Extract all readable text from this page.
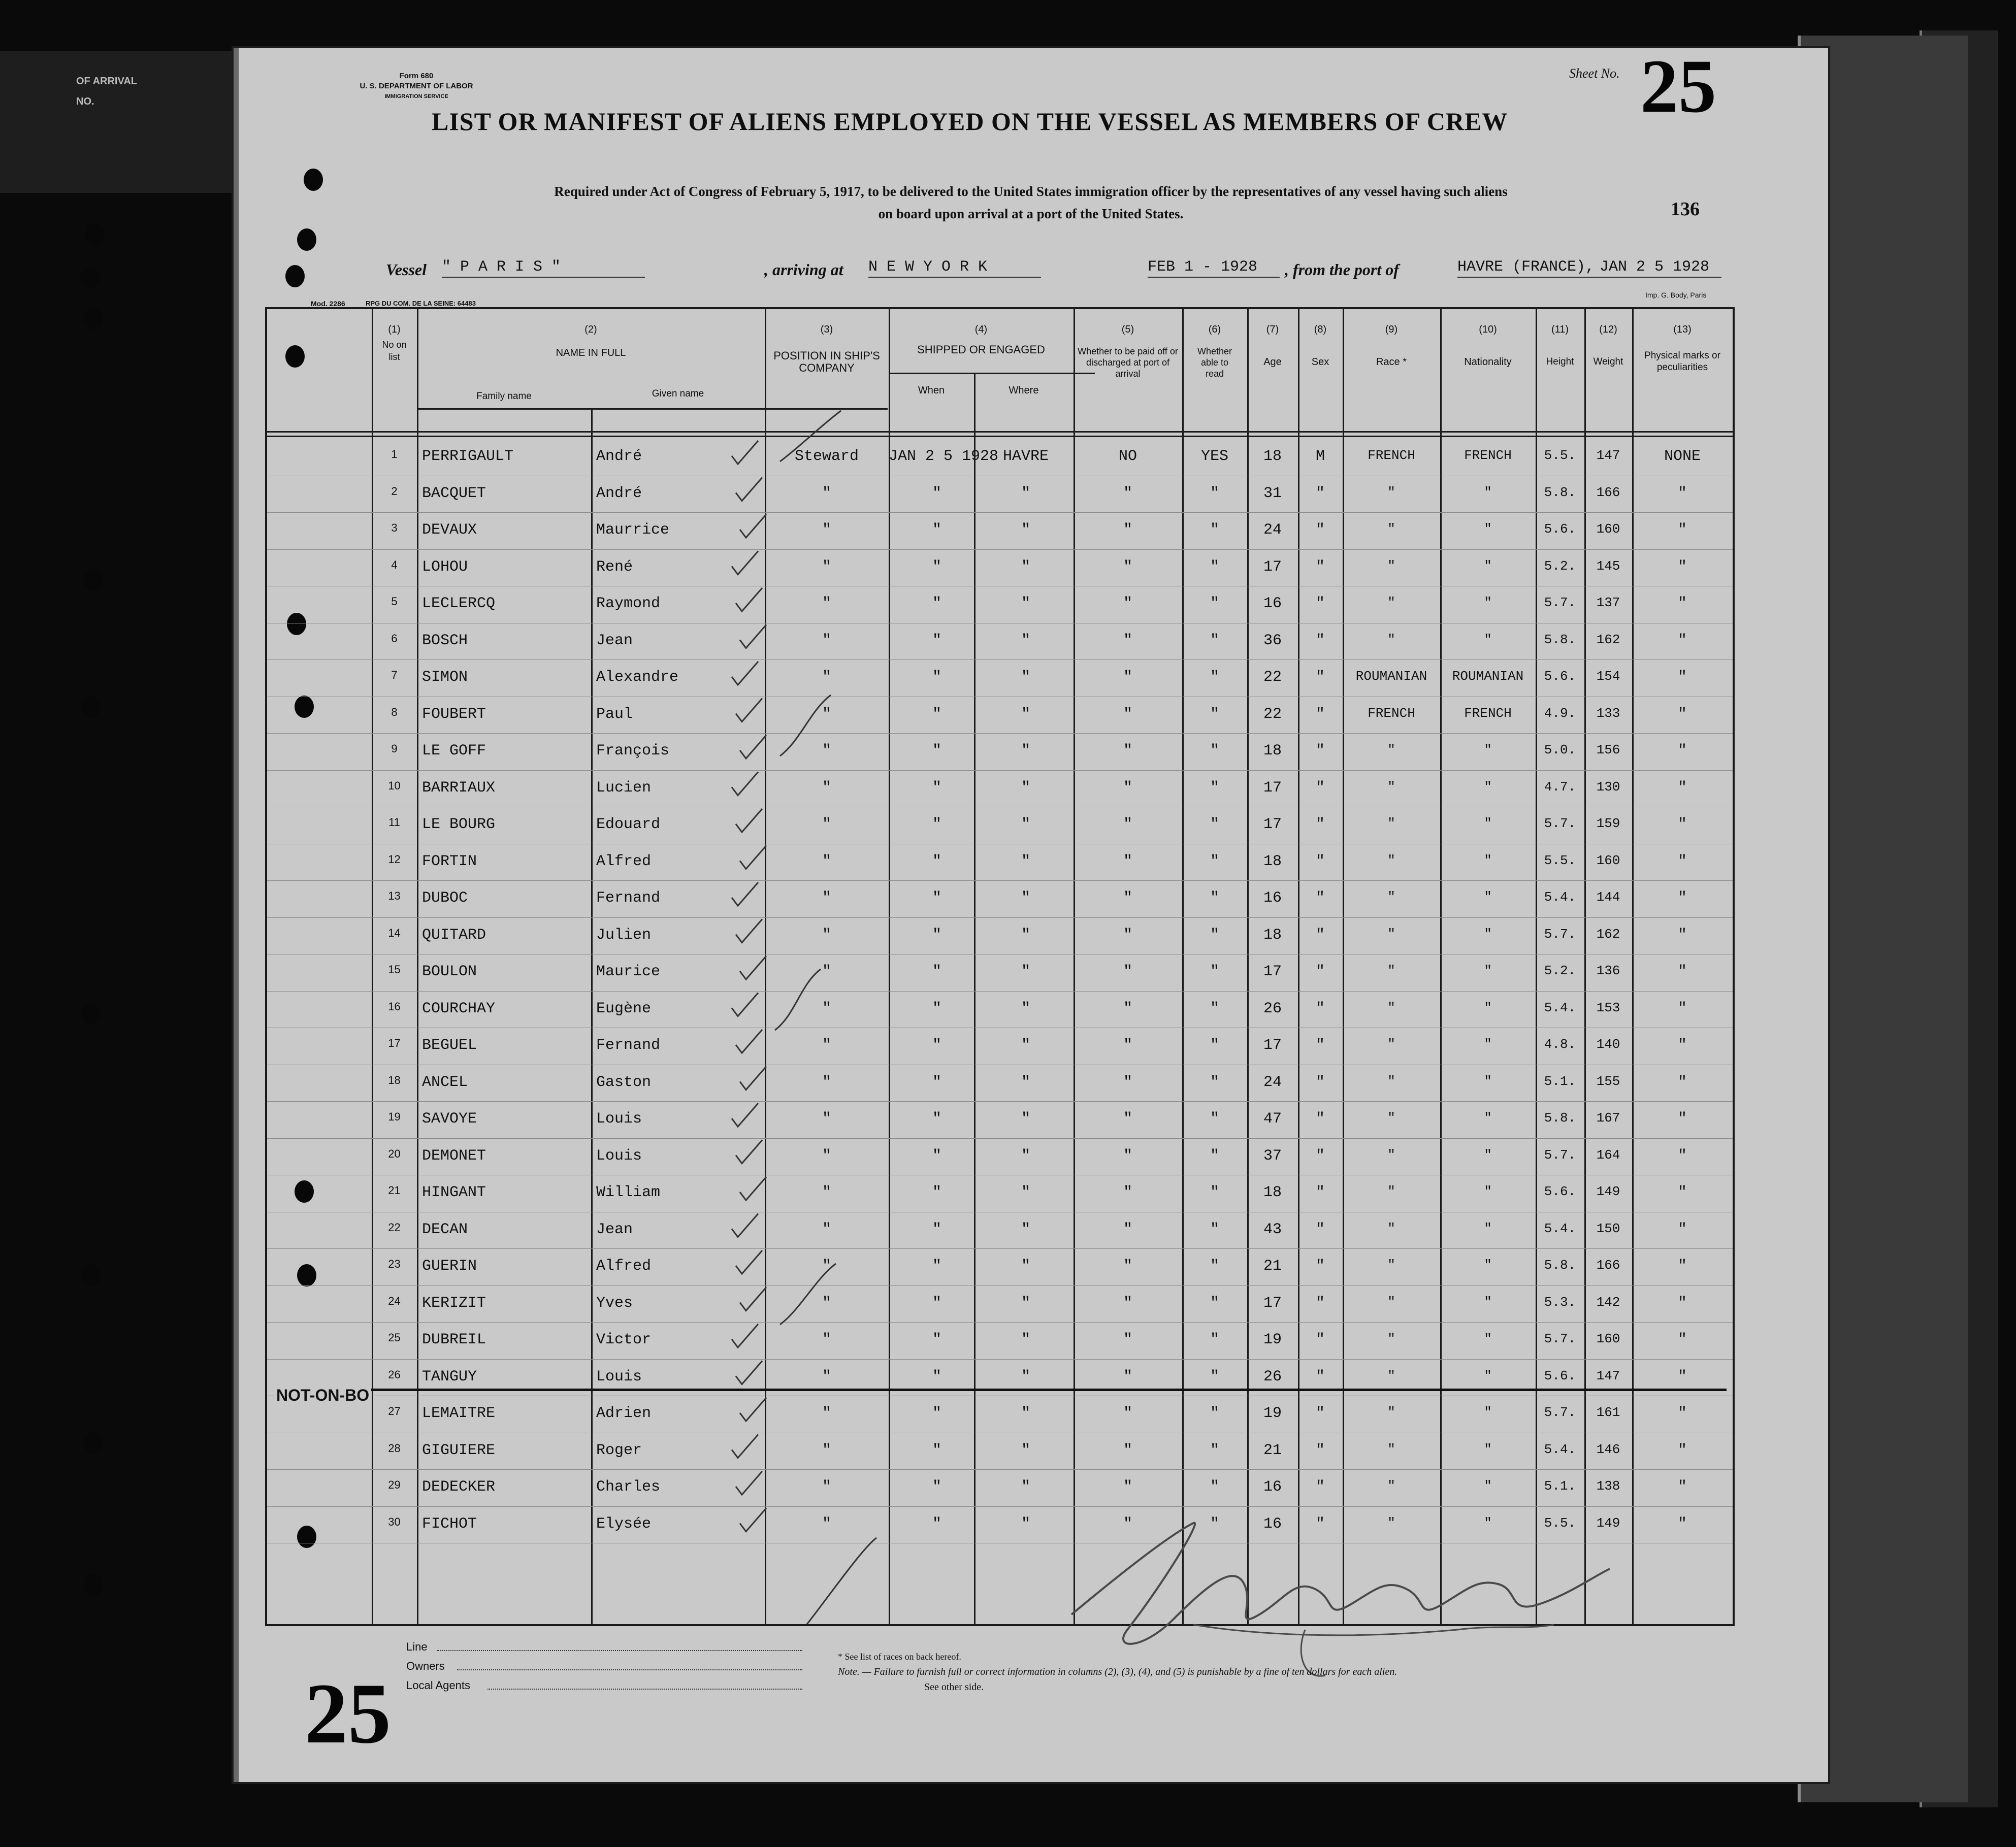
OF ARRIVAL
NO.
Form 680
U. S. DEPARTMENT OF LABOR
IMMIGRATION SERVICE
LIST OR MANIFEST OF ALIENS EMPLOYED ON THE VESSEL AS MEMBERS OF CREW
Sheet No. 25
Required under Act of Congress of February 5, 1917, to be delivered to the United States immigration officer by the representatives of any vessel having such aliens
on board upon arrival at a port of the United States.	136
Vessel " P A R I S "	, arriving at N E W Y O R K	FEB 1 - 1928	, from the port of	HAVRE (FRANCE), JAN 2 5 1928
Mod. 2286	RPG DU COM. DE LA SEINE: 64483
Imp. G. Body, Paris
(1)
No on list
(2)
NAME IN FULL
Family name	Given name
(3)
POSITION IN SHIP'S COMPANY
(4)
SHIPPED OR ENGAGED
When	Where
(5)
Whether to be paid off or discharged at port of arrival
(6)
Whether able to read
(7)
Age
(8)
Sex
(9)
Race *
(10)
Nationality
(11)
Height
(12)
Weight
(13)
Physical marks or peculiarities
1	PERRIGAULT	André	Steward	JAN 2 5 1928 HAVRE	NO	YES	18	M	FRENCH	FRENCH	5.5.	147	NONE
2	BACQUET	André	"	"	"	"	"	31	"	"	"	5.8.	166	"
3	DEVAUX	Maurrice	"	"	"	"	"	24	"	"	"	5.6.	160	"
4	LOHOU	René	"	"	"	"	"	17	"	"	"	5.2.	145	"
5	LECLERCQ	Raymond	"	"	"	"	"	16	"	"	"	5.7.	137	"
6	BOSCH	Jean	"	"	"	"	"	36	"	"	"	5.8.	162	"
7	SIMON	Alexandre	"	"	"	"	"	22	"	ROUMANIAN	ROUMANIAN	5.6.	154	"
8	FOUBERT	Paul	"	"	"	"	"	22	"	FRENCH	FRENCH	4.9.	133	"
9	LE GOFF	François	"	"	"	"	"	18	"	"	"	5.0.	156	"
10	BARRIAUX	Lucien	"	"	"	"	"	17	"	"	"	4.7.	130	"
11	LE BOURG	Edouard	"	"	"	"	"	17	"	"	"	5.7.	159	"
12	FORTIN	Alfred	"	"	"	"	"	18	"	"	"	5.5.	160	"
13	DUBOC	Fernand	"	"	"	"	"	16	"	"	"	5.4.	144	"
14	QUITARD	Julien	"	"	"	"	"	18	"	"	"	5.7.	162	"
15	BOULON	Maurice	"	"	"	"	"	17	"	"	"	5.2.	136	"
16	COURCHAY	Eugène	"	"	"	"	"	26	"	"	"	5.4.	153	"
17	BEGUEL	Fernand	"	"	"	"	"	17	"	"	"	4.8.	140	"
18	ANCEL	Gaston	"	"	"	"	"	24	"	"	"	5.1.	155	"
19	SAVOYE	Louis	"	"	"	"	"	47	"	"	"	5.8.	167	"
20	DEMONET	Louis	"	"	"	"	"	37	"	"	"	5.7.	164	"
21	HINGANT	William	"	"	"	"	"	18	"	"	"	5.6.	149	"
22	DECAN	Jean	"	"	"	"	"	43	"	"	"	5.4.	150	"
23	GUERIN	Alfred	"	"	"	"	"	21	"	"	"	5.8.	166	"
24	KERIZIT	Yves	"	"	"	"	"	17	"	"	"	5.3.	142	"
25	DUBREIL	Victor	"	"	"	"	"	19	"	"	"	5.7.	160	"
26	TANGUY	Louis	"	"	"	"	"	26	"	"	"	5.6.	147	"
27	LEMAITRE	Adrien	"	"	"	"	"	19	"	"	"	5.7.	161	"
28	GIGUIERE	Roger	"	"	"	"	"	21	"	"	"	5.4.	146	"
29	DEDECKER	Charles	"	"	"	"	"	16	"	"	"	5.1.	138	"
30	FICHOT	Elysée	"	"	"	"	"	16	"	"	"	5.5.	149	"
NOT-ON-BO
Line
Owners
Local Agents
* See list of races on back hereof.
Note. — Failure to furnish full or correct information in columns (2), (3), (4), and (5) is punishable by a fine of ten dollars for each alien.
See other side.
25
